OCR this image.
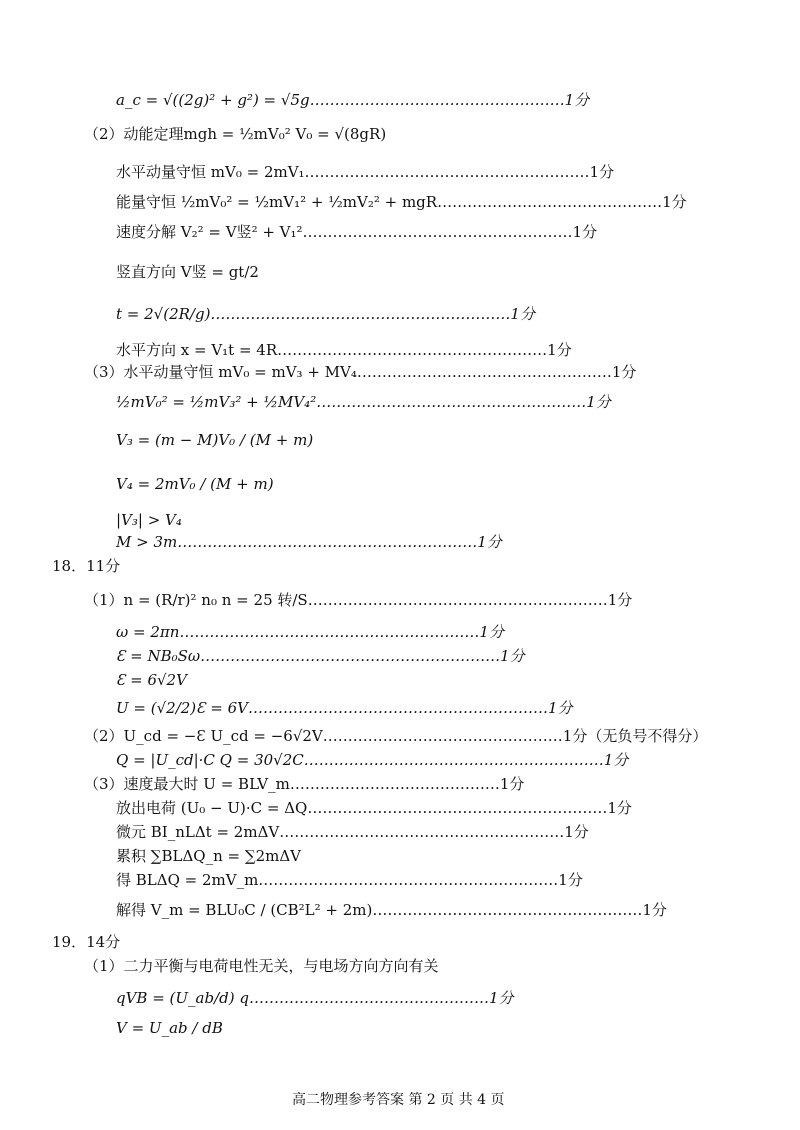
a_c = √((2g)² + g²) = √5g……………………………………………1分
（2）动能定理mgh = ½mV₀² V₀ = √(8gR)
水平动量守恒 mV₀ = 2mV₁…………………………………………………1分
能量守恒 ½mV₀² = ½mV₁² + ½mV₂² + mgR………………………………………1分
速度分解 V₂² = V竖² + V₁²………………………………………………1分
竖直方向 V竖 = gt/2
t = 2√(2R/g)……………………………………………………1分
水平方向 x = V₁t = 4R………………………………………………1分
（3）水平动量守恒 mV₀ = mV₃ + MV₄……………………………………………1分
½mV₀² = ½mV₃² + ½MV₄²………………………………………………1分
V₃ = (m − M)V₀ / (M + m)
V₄ = 2mV₀ / (M + m)
|V₃| > V₄
M > 3m……………………………………………………1分
18．11分
（1）n = (R/r)² n₀ n = 25 转/S……………………………………………………1分
ω = 2πn……………………………………………………1分
Ɛ = NB₀Sω……………………………………………………1分
Ɛ = 6√2V
U = (√2/2)Ɛ = 6V……………………………………………………1分
（2）U_cd = −Ɛ U_cd = −6√2V…………………………………………1分（无负号不得分）
Q = |U_cd|·C Q = 30√2C……………………………………………………1分
（3）速度最大时 U = BLV_m……………………………………1分
放出电荷 (U₀ − U)·C = ΔQ……………………………………………………1分
微元 BI_nLΔt = 2mΔV…………………………………………………1分
累积 ∑BLΔQ_n = ∑2mΔV
得 BLΔQ = 2mV_m……………………………………………………1分
解得 V_m = BLU₀C / (CB²L² + 2m)………………………………………………1分
19．14分
（1）二力平衡与电荷电性无关，与电场方向方向有关
qVB = (U_ab/d) q…………………………………………1分
V = U_ab / dB
高二物理参考答案 第 2 页 共 4 页
